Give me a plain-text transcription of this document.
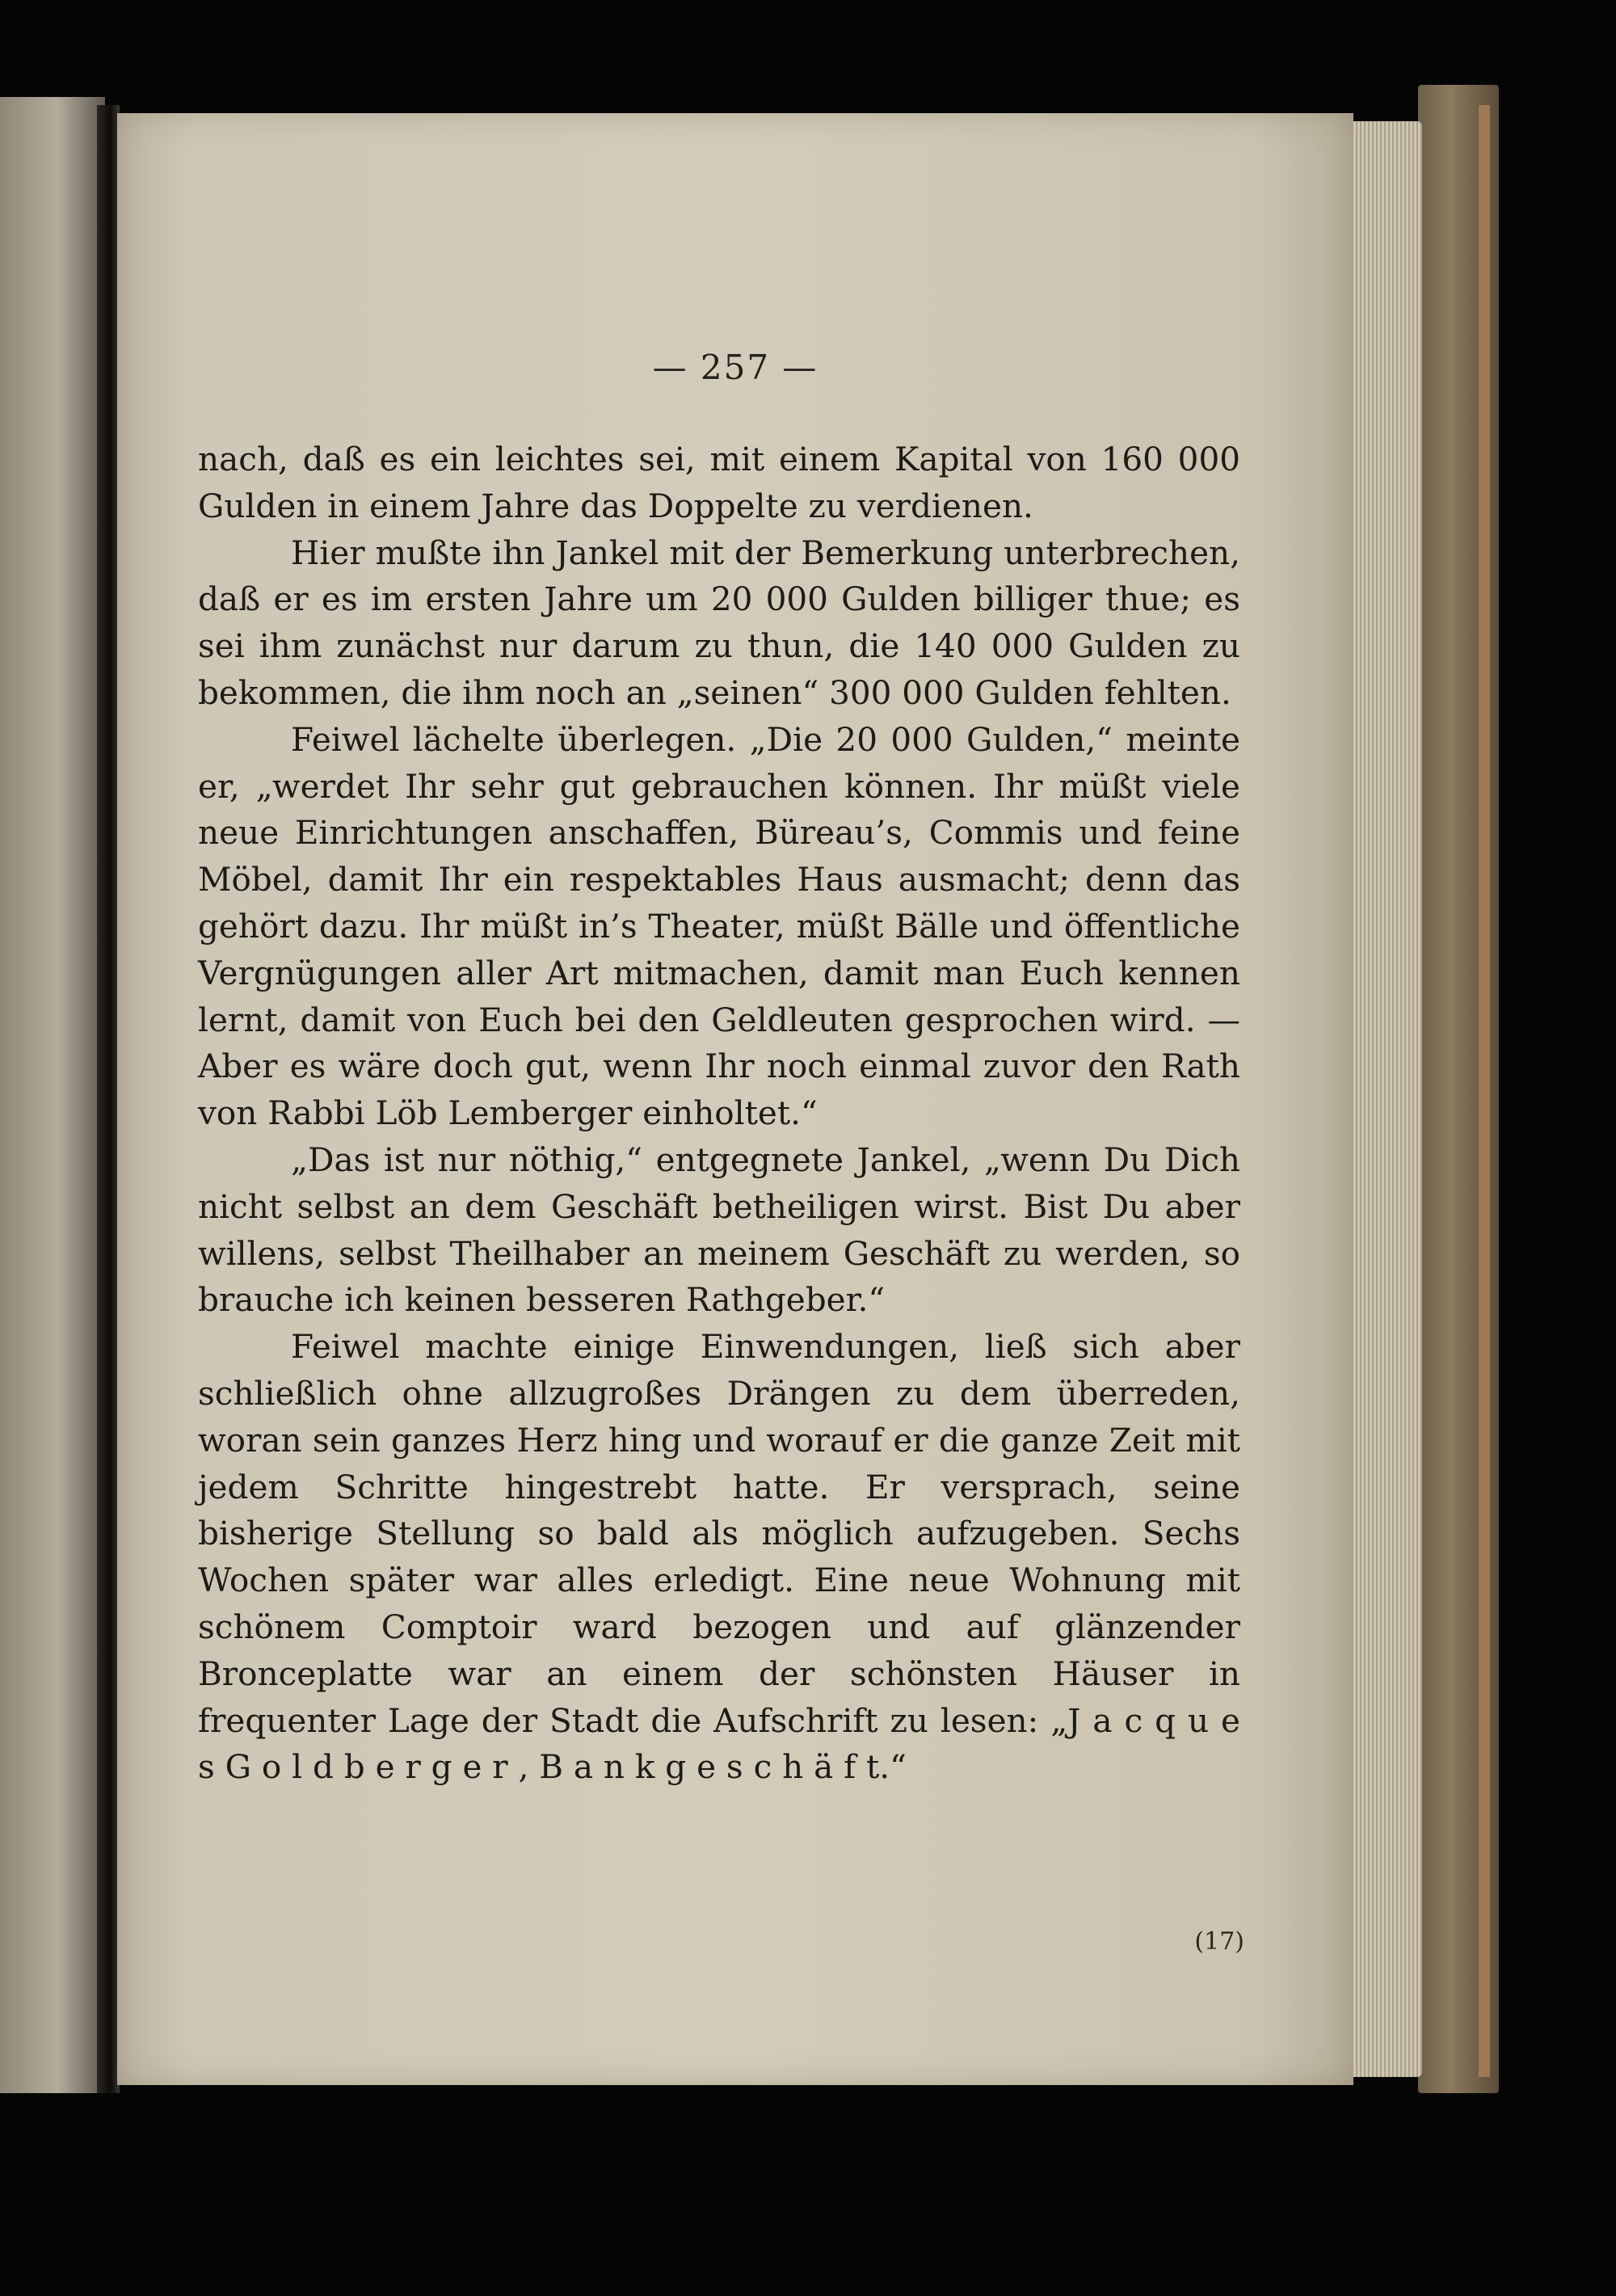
— 257 —

nach, daß es ein leichtes sei, mit einem Kapital von 160 000 Gulden in einem Jahre das Doppelte zu verdienen.

Hier mußte ihn Jankel mit der Bemerkung unterbrechen, daß er es im ersten Jahre um 20 000 Gulden billiger thue; es sei ihm zunächst nur darum zu thun, die 140 000 Gulden zu bekommen, die ihm noch an „seinen“ 300 000 Gulden fehlten.

Feiwel lächelte überlegen. „Die 20 000 Gulden,“ meinte er, „werdet Ihr sehr gut gebrauchen können. Ihr müßt viele neue Einrichtungen anschaffen, Büreau’s, Commis und feine Möbel, damit Ihr ein respektables Haus ausmacht; denn das gehört dazu. Ihr müßt in’s Theater, müßt Bälle und öffentliche Vergnügungen aller Art mitmachen, damit man Euch kennen lernt, damit von Euch bei den Geldleuten gesprochen wird. — Aber es wäre doch gut, wenn Ihr noch einmal zuvor den Rath von Rabbi Löb Lemberger einholtet.“

„Das ist nur nöthig,“ entgegnete Jankel, „wenn Du Dich nicht selbst an dem Geschäft betheiligen wirst. Bist Du aber willens, selbst Theilhaber an meinem Geschäft zu werden, so brauche ich keinen besseren Rathgeber.“

Feiwel machte einige Einwendungen, ließ sich aber schließlich ohne allzugroßes Drängen zu dem überreden, woran sein ganzes Herz hing und worauf er die ganze Zeit mit jedem Schritte hingestrebt hatte. Er versprach, seine bisherige Stellung so bald als möglich aufzugeben. Sechs Wochen später war alles erledigt. Eine neue Wohnung mit schönem Comptoir ward bezogen und auf glänzender Bronceplatte war an einem der schönsten Häuser in frequenter Lage der Stadt die Aufschrift zu lesen: „J a c q u e s G o l d b e r g e r , B a n k g e s c h ä f t.“

(17)
